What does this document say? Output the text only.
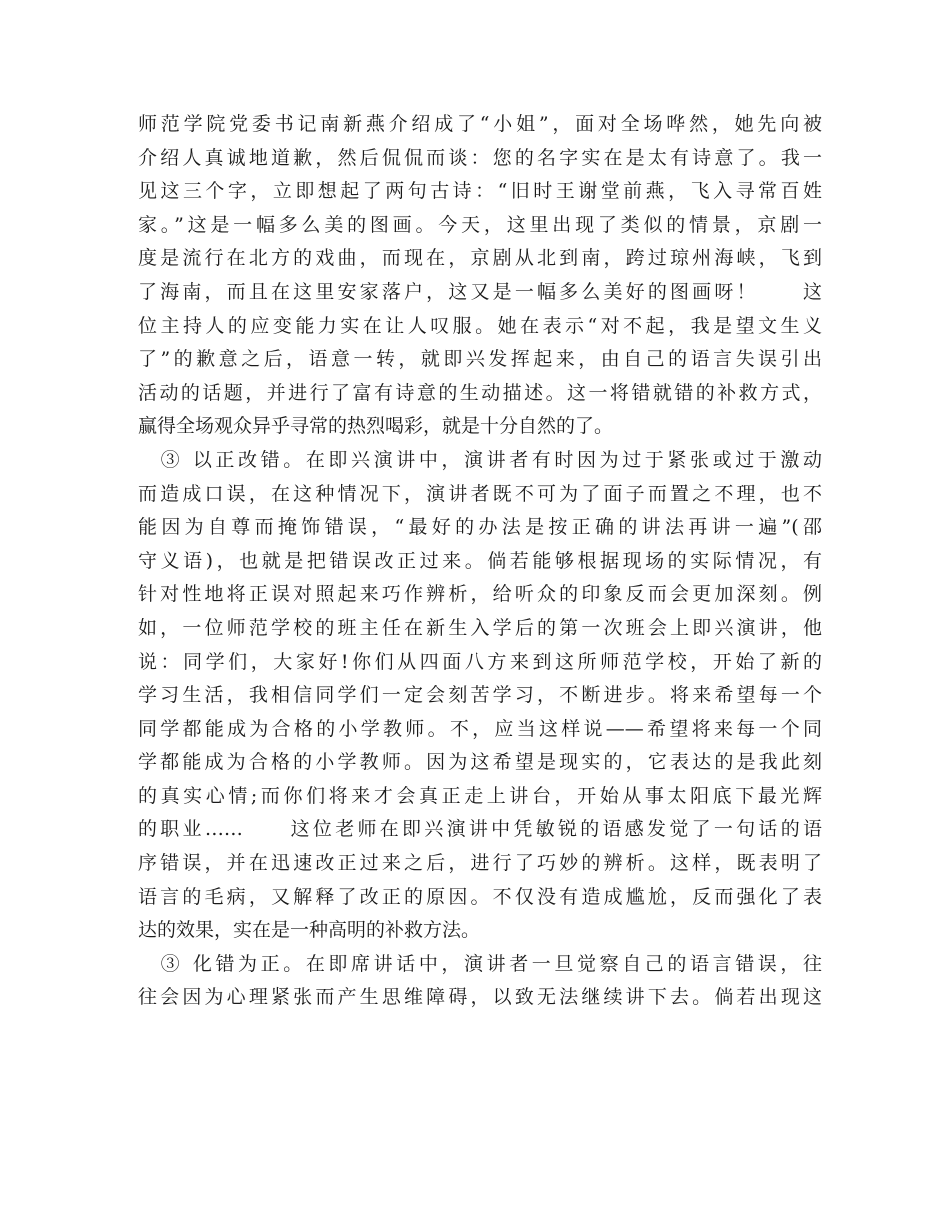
师范学院党委书记南新燕介绍成了“小姐”，面对全场哗然，她先向被
介绍人真诚地道歉，然后侃侃而谈：您的名字实在是太有诗意了。我一
见这三个字，立即想起了两句古诗：“旧时王谢堂前燕，飞入寻常百姓
家。”这是一幅多么美的图画。今天，这里出现了类似的情景，京剧一
度是流行在北方的戏曲，而现在，京剧从北到南，跨过琼州海峡，飞到
了海南，而且在这里安家落户，这又是一幅多么美好的图画呀！　　这
位主持人的应变能力实在让人叹服。她在表示“对不起，我是望文生义
了”的歉意之后，语意一转，就即兴发挥起来，由自己的语言失误引出
活动的话题，并进行了富有诗意的生动描述。这一将错就错的补救方式，
赢得全场观众异乎寻常的热烈喝彩，就是十分自然的了。
　③ 以正改错。在即兴演讲中，演讲者有时因为过于紧张或过于激动
而造成口误，在这种情况下，演讲者既不可为了面子而置之不理，也不
能因为自尊而掩饰错误，“最好的办法是按正确的讲法再讲一遍”(邵
守义语)，也就是把错误改正过来。倘若能够根据现场的实际情况，有
针对性地将正误对照起来巧作辨析，给听众的印象反而会更加深刻。例
如，一位师范学校的班主任在新生入学后的第一次班会上即兴演讲，他
说：同学们，大家好!你们从四面八方来到这所师范学校，开始了新的
学习生活，我相信同学们一定会刻苦学习，不断进步。将来希望每一个
同学都能成为合格的小学教师。不，应当这样说——希望将来每一个同
学都能成为合格的小学教师。因为这希望是现实的，它表达的是我此刻
的真实心情;而你们将来才会真正走上讲台，开始从事太阳底下最光辉
的职业……　　这位老师在即兴演讲中凭敏锐的语感发觉了一句话的语
序错误，并在迅速改正过来之后，进行了巧妙的辨析。这样，既表明了
语言的毛病，又解释了改正的原因。不仅没有造成尴尬，反而强化了表
达的效果，实在是一种高明的补救方法。
　③ 化错为正。在即席讲话中，演讲者一旦觉察自己的语言错误，往
往会因为心理紧张而产生思维障碍，以致无法继续讲下去。倘若出现这
